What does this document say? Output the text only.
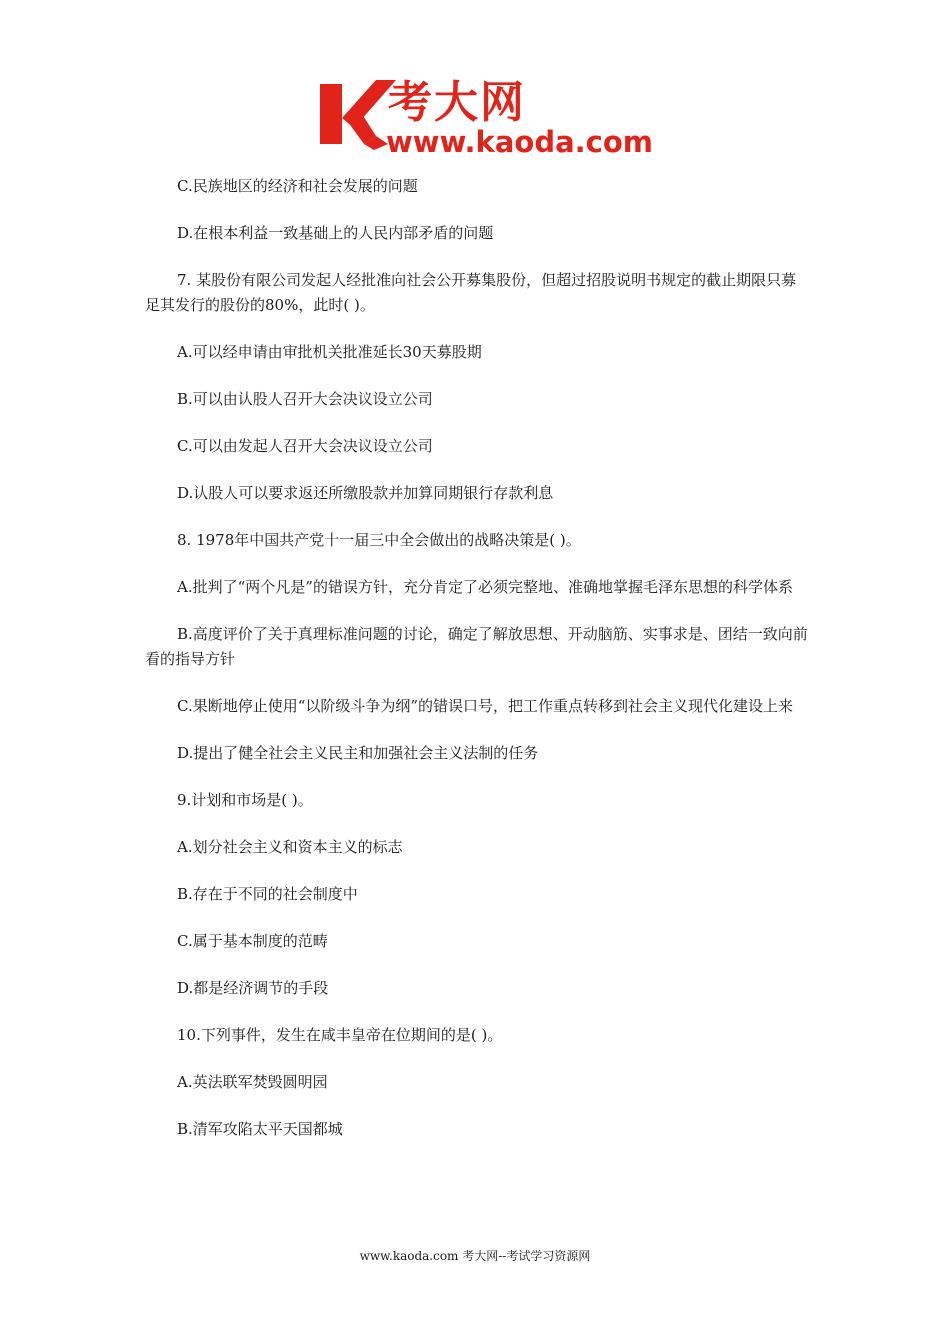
考大网
www.kaoda.com

C.民族地区的经济和社会发展的问题

D.在根本利益一致基础上的人民内部矛盾的问题

7. 某股份有限公司发起人经批准向社会公开募集股份，但超过招股说明书规定的截止期限只募足其发行的股份的80%，此时( )。

A.可以经申请由审批机关批准延长30天募股期

B.可以由认股人召开大会决议设立公司

C.可以由发起人召开大会决议设立公司

D.认股人可以要求返还所缴股款并加算同期银行存款利息

8. 1978年中国共产党十一届三中全会做出的战略决策是( )。

A.批判了“两个凡是”的错误方针，充分肯定了必须完整地、准确地掌握毛泽东思想的科学体系

B.高度评价了关于真理标准问题的讨论，确定了解放思想、开动脑筋、实事求是、团结一致向前看的指导方针

C.果断地停止使用“以阶级斗争为纲”的错误口号，把工作重点转移到社会主义现代化建设上来

D.提出了健全社会主义民主和加强社会主义法制的任务

9.计划和市场是( )。

A.划分社会主义和资本主义的标志

B.存在于不同的社会制度中

C.属于基本制度的范畴

D.都是经济调节的手段

10.下列事件，发生在咸丰皇帝在位期间的是( )。

A.英法联军焚毁圆明园

B.清军攻陷太平天国都城

www.kaoda.com 考大网--考试学习资源网
